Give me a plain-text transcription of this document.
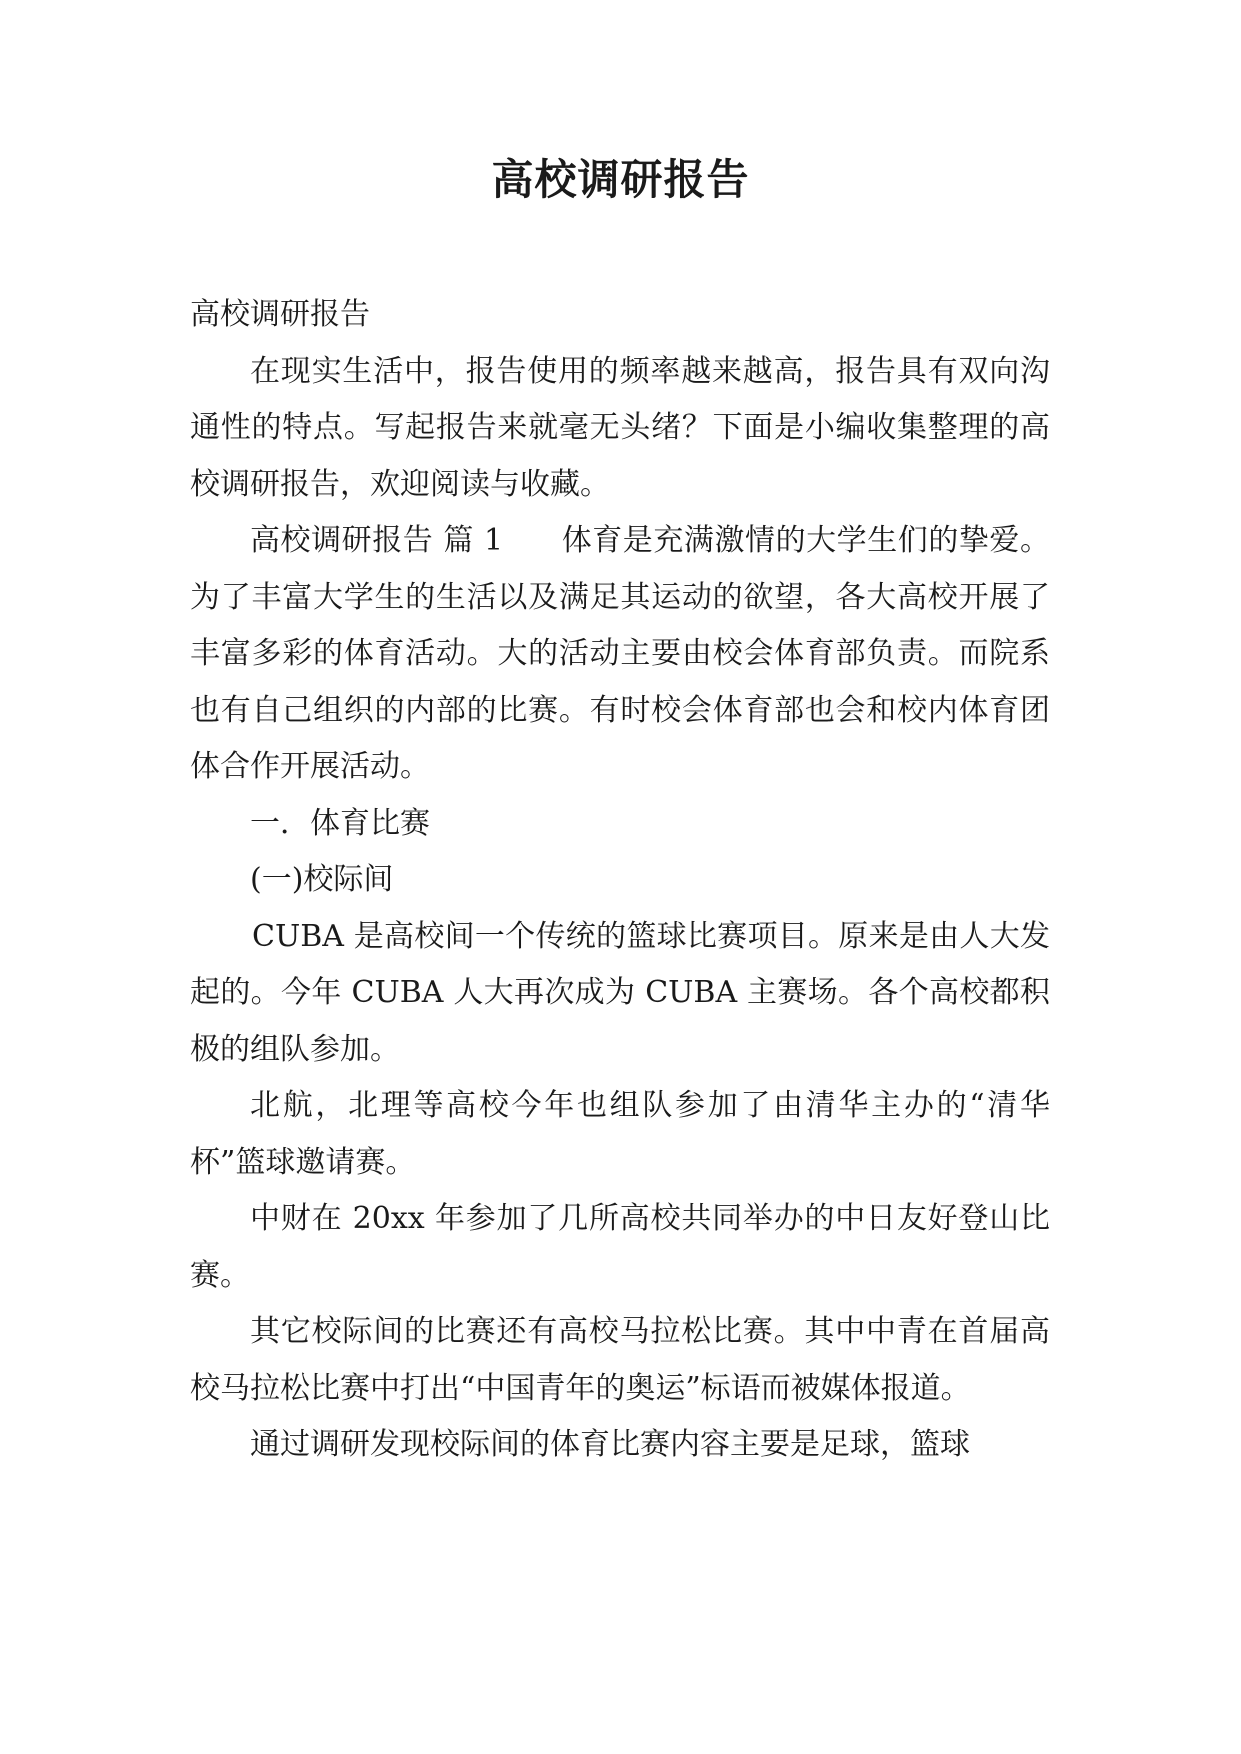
高校调研报告

高校调研报告

在现实生活中，报告使用的频率越来越高，报告具有双向沟通性的特点。写起报告来就毫无头绪？下面是小编收集整理的高校调研报告，欢迎阅读与收藏。

高校调研报告 篇 1 体育是充满激情的大学生们的挚爱。为了丰富大学生的生活以及满足其运动的欲望，各大高校开展了丰富多彩的体育活动。大的活动主要由校会体育部负责。而院系也有自己组织的内部的比赛。有时校会体育部也会和校内体育团体合作开展活动。

一．体育比赛

(一)校际间

CUBA 是高校间一个传统的篮球比赛项目。原来是由人大发起的。今年 CUBA 人大再次成为 CUBA 主赛场。各个高校都积极的组队参加。

北航，北理等高校今年也组队参加了由清华主办的“清华杯”篮球邀请赛。

中财在 20xx 年参加了几所高校共同举办的中日友好登山比赛。

其它校际间的比赛还有高校马拉松比赛。其中中青在首届高校马拉松比赛中打出“中国青年的奥运”标语而被媒体报道。

通过调研发现校际间的体育比赛内容主要是足球，篮球
